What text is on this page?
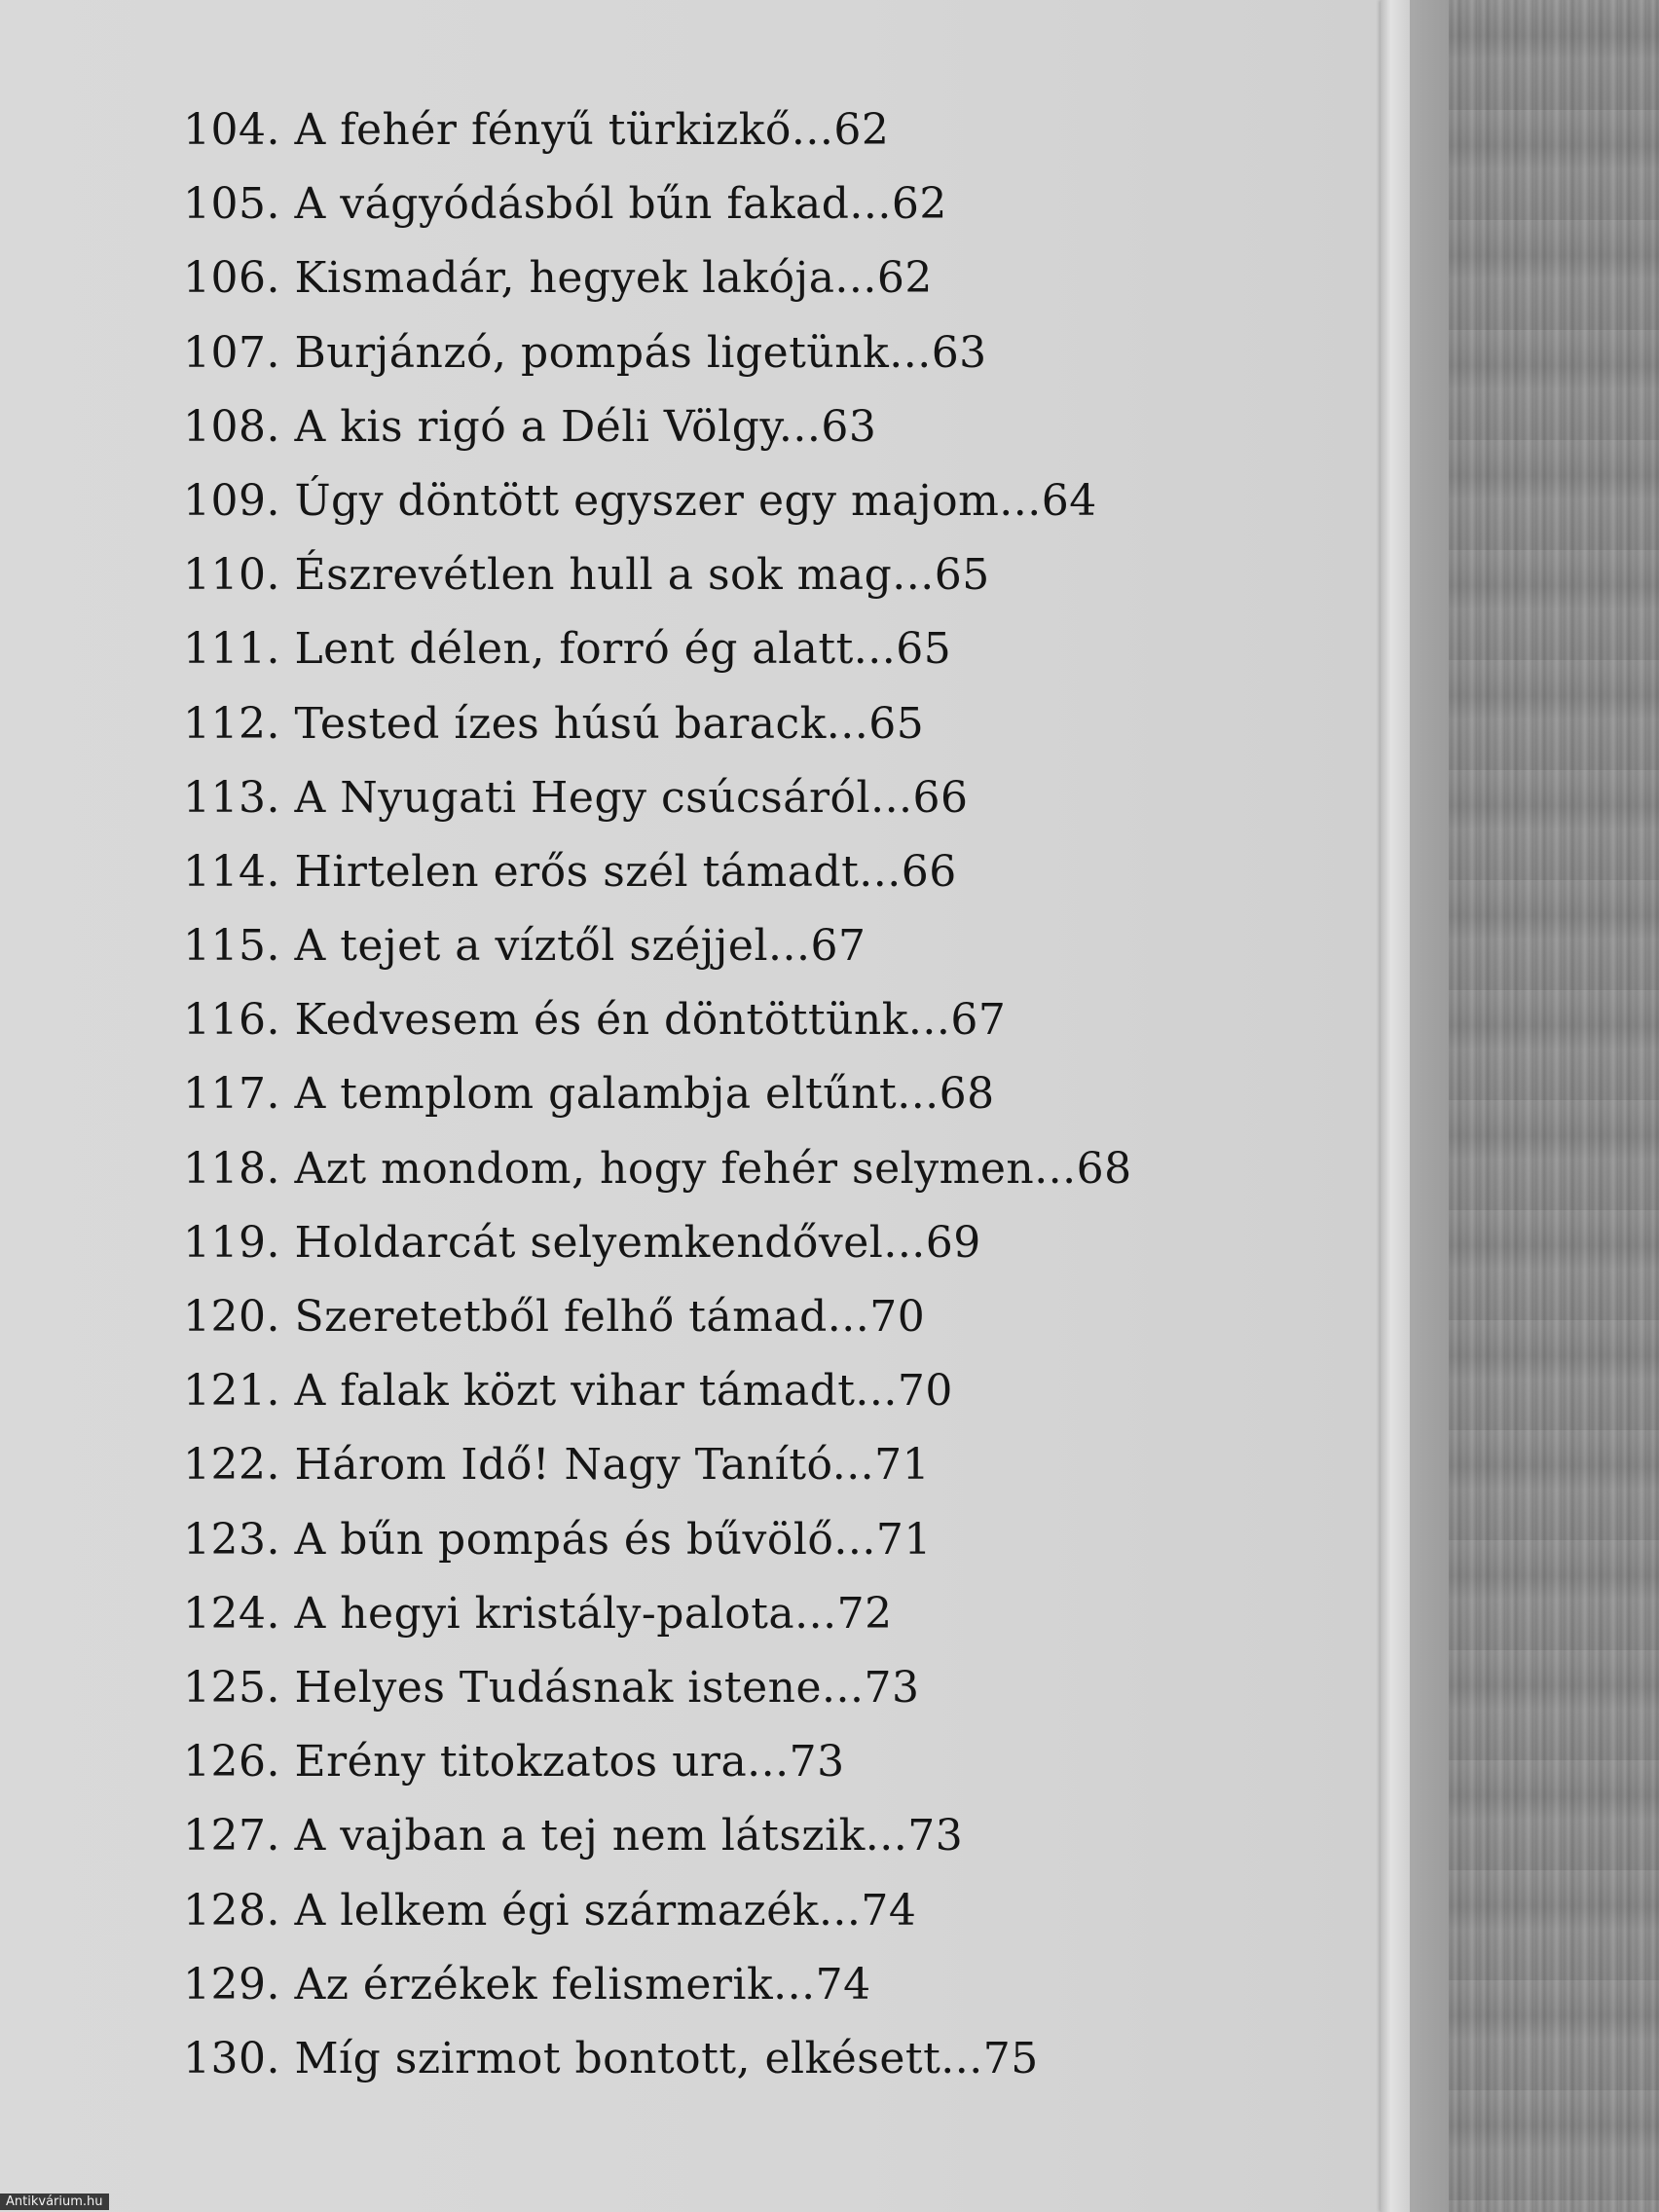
104. A fehér fényű türkizkő...62
105. A vágyódásból bűn fakad...62
106. Kismadár, hegyek lakója...62
107. Burjánzó, pompás ligetünk...63
108. A kis rigó a Déli Völgy...63
109. Úgy döntött egyszer egy majom...64
110. Észrevétlen hull a sok mag...65
111. Lent délen, forró ég alatt...65
112. Tested ízes húsú barack...65
113. A Nyugati Hegy csúcsáról...66
114. Hirtelen erős szél támadt...66
115. A tejet a víztől széjjel...67
116. Kedvesem és én döntöttünk...67
117. A templom galambja eltűnt...68
118. Azt mondom, hogy fehér selymen...68
119. Holdarcát selyemkendővel...69
120. Szeretetből felhő támad...70
121. A falak közt vihar támadt...70
122. Három Idő! Nagy Tanító...71
123. A bűn pompás és bűvölő...71
124. A hegyi kristály-palota...72
125. Helyes Tudásnak istene...73
126. Erény titokzatos ura...73
127. A vajban a tej nem látszik...73
128. A lelkem égi származék...74
129. Az érzékek felismerik...74
130. Míg szirmot bontott, elkésett...75
Antikvárium.hu
